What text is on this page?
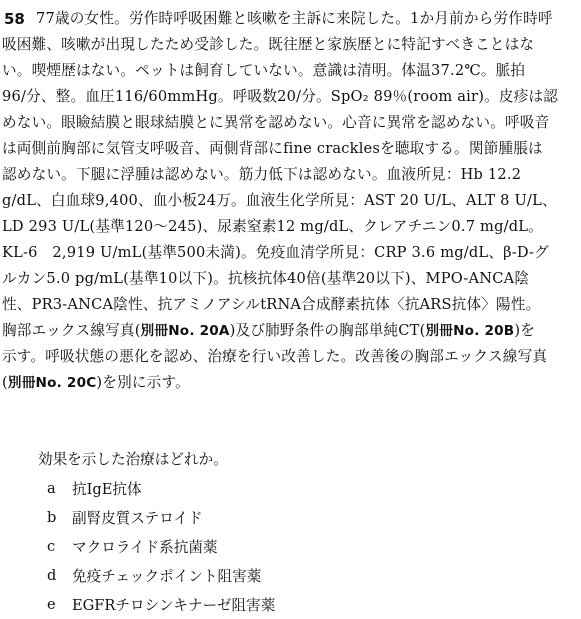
58 77歳の女性。労作時呼吸困難と咳嗽を主訴に来院した。1か月前から労作時呼
吸困難、咳嗽が出現したため受診した。既往歴と家族歴とに特記すべきことはな
い。喫煙歴はない。ペットは飼育していない。意識は清明。体温37.2℃。脈拍
96/分、整。血圧116/60mmHg。呼吸数20/分。SpO₂ 89％(room air)。皮疹は認
めない。眼瞼結膜と眼球結膜とに異常を認めない。心音に異常を認めない。呼吸音
は両側前胸部に気管支呼吸音、両側背部にfine cracklesを聴取する。関節腫脹は
認めない。下腿に浮腫は認めない。筋力低下は認めない。血液所見：Hb 12.2
g/dL、白血球9,400、血小板24万。血液生化学所見：AST 20 U/L、ALT 8 U/L、
LD 293 U/L(基準120〜245)、尿素窒素12 mg/dL、クレアチニン0.7 mg/dL。
KL-6　2,919 U/mL(基準500未満)。免疫血清学所見：CRP 3.6 mg/dL、β-D-グ
ルカン5.0 pg/mL(基準10以下)。抗核抗体40倍(基準20以下)、MPO-ANCA陰
性、PR3-ANCA陰性、抗アミノアシルtRNA合成酵素抗体〈抗ARS抗体〉陽性。
胸部エックス線写真(別冊No. 20A)及び肺野条件の胸部単純CT(別冊No. 20B)を
示す。呼吸状態の悪化を認め、治療を行い改善した。改善後の胸部エックス線写真
(別冊No. 20C)を別に示す。
効果を示した治療はどれか。
a	抗IgE抗体
b	副腎皮質ステロイド
c	マクロライド系抗菌薬
d	免疫チェックポイント阻害薬
e	EGFRチロシンキナーゼ阻害薬
